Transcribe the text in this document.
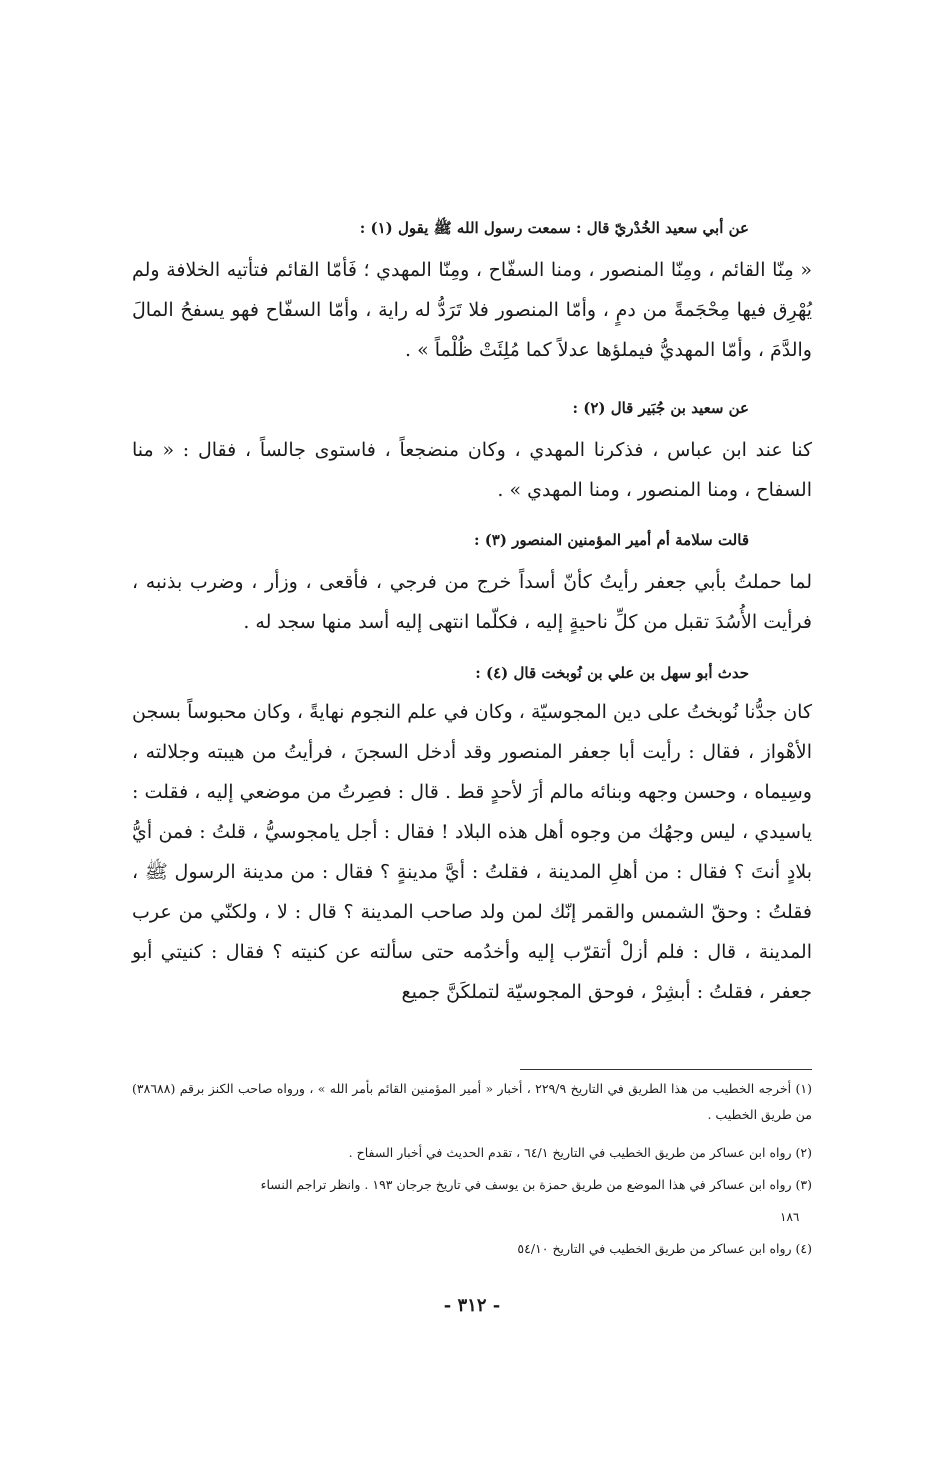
عن أبي سعيد الخُدْريّ قال : سمعت رسول الله ﷺ يقول (١) :
« مِنّا القائم ، ومِنّا المنصور ، ومنا السفّاح ، ومِنّا المهدي ؛ فَأمّا القائم فتأتيه الخلافة ولم يُهْرِق فيها مِحْجَمةً من دمٍ ، وأمّا المنصور فلا تَرَدُّ له راية ، وأمّا السفّاح فهو يسفحُ المالَ والدَّمَ ، وأمّا المهديُّ فيملؤها عدلاً كما مُلِئَتْ ظُلْماً » .
عن سعيد بن جُبَير قال (٢) :
كنا عند ابن عباس ، فذكرنا المهدي ، وكان منضجعاً ، فاستوى جالساً ، فقال : « منا السفاح ، ومنا المنصور ، ومنا المهدي » .
قالت سلامة أم أمير المؤمنين المنصور (٣) :
لما حملتُ بأبي جعفر رأيتُ كأنّ أسداً خرج من فرجي ، فأقعى ، وزأر ، وضرب بذنبه ، فرأيت الأُسُدَ تقبل من كلِّ ناحيةٍ إليه ، فكلّما انتهى إليه أسد منها سجد له .
حدث أبو سهل بن علي بن نُوبخت قال (٤) :
كان جدُّنا نُوبختُ على دين المجوسيّة ، وكان في علم النجوم نهايةً ، وكان محبوساً بسجن الأهْواز ، فقال : رأيت أبا جعفر المنصور وقد أدخل السجنَ ، فرأيتُ من هيبته وجلالته ، وسِيماه ، وحسن وجهه وبنائه مالم أرَ لأحدٍ قط . قال : فصِرتُ من موضعي إليه ، فقلت : ياسيدي ، ليس وجهُك من وجوه أهل هذه البلاد ! فقال : أجل يامجوسيُّ ، قلتُ : فمن أيُّ بلادٍ أنتَ ؟ فقال : من أهلِ المدينة ، فقلتُ : أيَّ مدينةٍ ؟ فقال : من مدينة الرسول ﷺ ، فقلتُ : وحقّ الشمس والقمر إنّك لمن ولد صاحب المدينة ؟ قال : لا ، ولكنّي من عرب المدينة ، قال : فلم أزلْ أتقرّب إليه وأخدُمه حتى سألته عن كنيته ؟ فقال : كنيتي أبو جعفر ، فقلتُ : أبشِرْ ، فوحق المجوسيّة لتملكَنَّ جميع
(١) أخرجه الخطيب من هذا الطريق في التاريخ ٢٢٩/٩ ، أخبار « أمير المؤمنين القائم بأمر الله » ، ورواه صاحب الكنز برقم (٣٨٦٨٨) من طريق الخطيب .
(٢) رواه ابن عساكر من طريق الخطيب في التاريخ ٦٤/١ ، تقدم الحديث في أخبار السفاح .
(٣) رواه ابن عساكر في هذا الموضع من طريق حمزة بن يوسف في تاريخ جرجان ١٩٣ . وانظر تراجم النساء
١٨٦
(٤) رواه ابن عساكر من طريق الخطيب في التاريخ ٥٤/١٠
- ٣١٢ -
